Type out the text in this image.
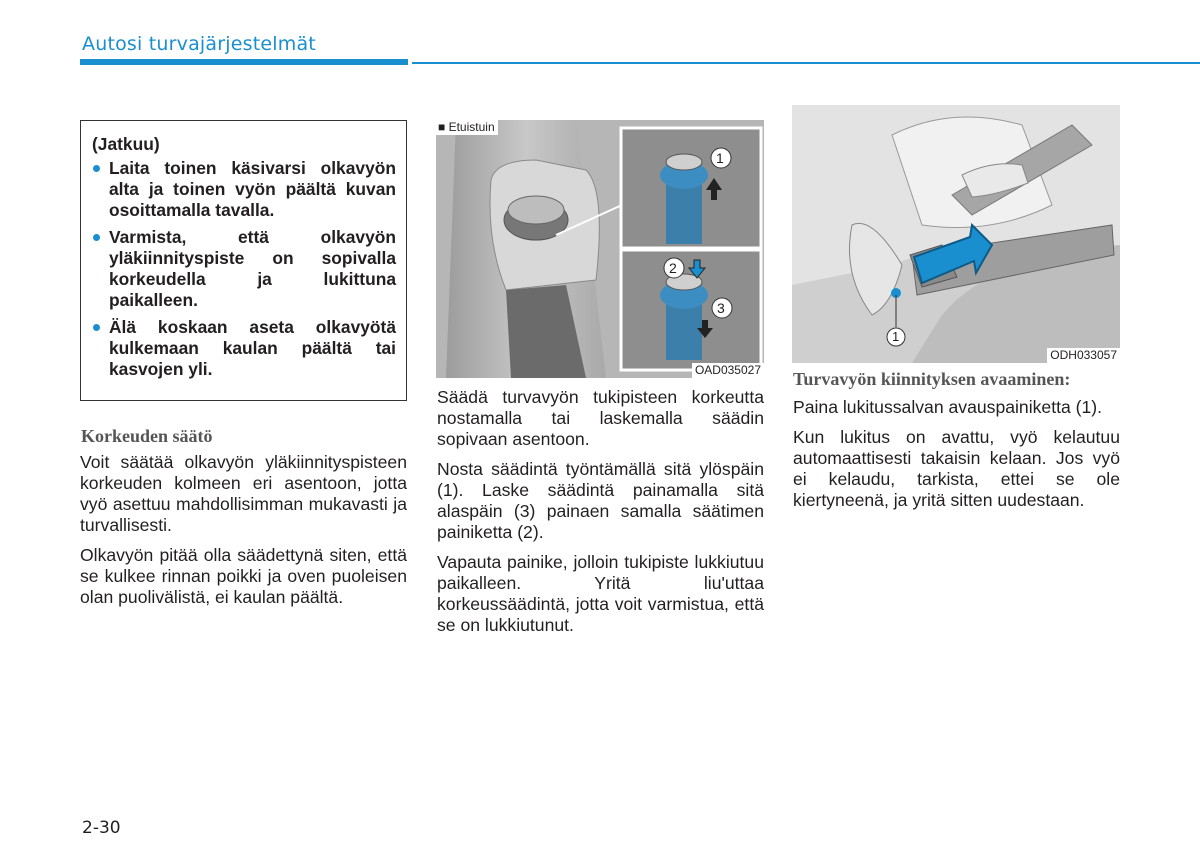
Autosi turvajärjestelmät
(Jatkuu)
Laita toinen käsivarsi olkavyön alta ja toinen vyön päältä kuvan osoittamalla tavalla.
Varmista, että olkavyön yläkiinnityspiste on sopivalla korkeudella ja lukittuna paikalleen.
Älä koskaan aseta olkavyötä kulkemaan kaulan päältä tai kasvojen yli.
Korkeuden säätö

Voit säätää olkavyön yläkiinnityspisteen korkeuden kolmeen eri asentoon, jotta vyö asettuu mahdollisimman mukavasti ja turvallisesti.

Olkavyön pitää olla säädettynä siten, että se kulkee rinnan poikki ja oven puoleisen olan puolivälistä, ei kaulan päältä.

■ Etuistuin
OAD035027
1
2
3

Säädä turvavyön tukipisteen korkeutta nostamalla tai laskemalla säädin sopivaan asentoon.

Nosta säädintä työntämällä sitä ylöspäin (1). Laske säädintä painamalla sitä alaspäin (3) painaen samalla säätimen painiketta (2).

Vapauta painike, jolloin tukipiste lukkiutuu paikalleen. Yritä liu'uttaa korkeussäädintä, jotta voit varmistua, että se on lukkiutunut.

1
ODH033057
Turvavyön kiinnityksen avaaminen:

Paina lukitussalvan avauspainiketta (1).

Kun lukitus on avattu, vyö kelautuu automaattisesti takaisin kelaan. Jos vyö ei kelaudu, tarkista, ettei se ole kiertyneenä, ja yritä sitten uudestaan.

2-30
